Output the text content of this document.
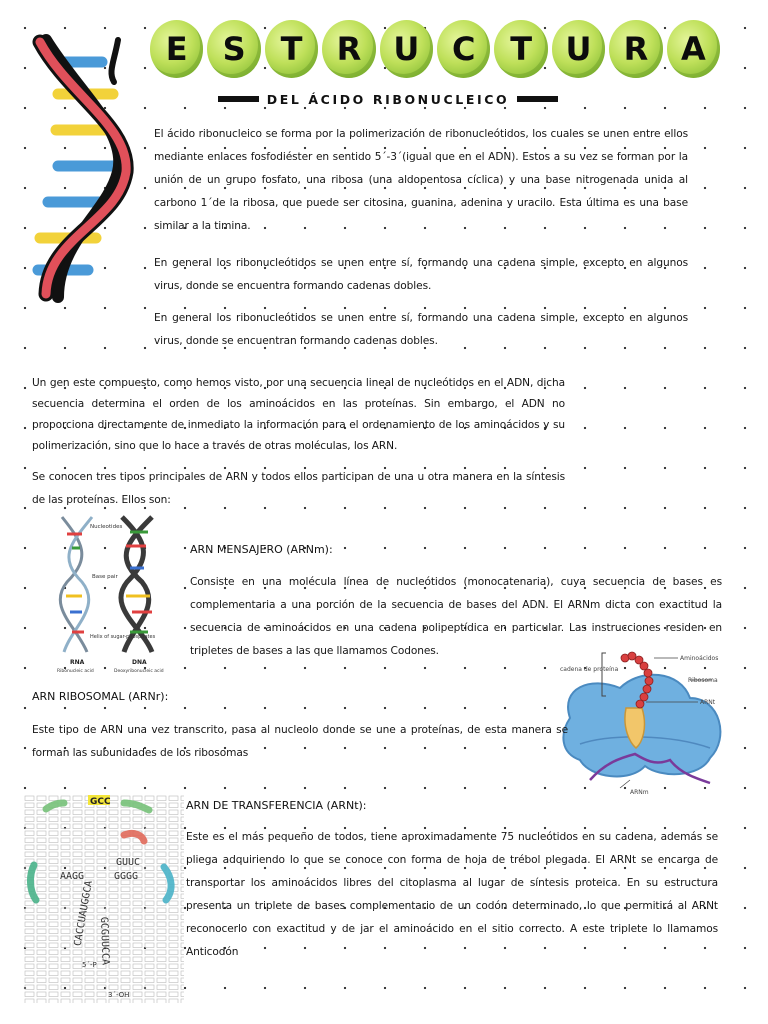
E S T R U C T U R A
DEL ÁCIDO RIBONUCLEICO
El ácido ribonucleico se forma por la polimerización de ribonucleótidos, los cuales se unen entre ellos mediante enlaces fosfodiéster en sentido 5´-3´(igual que en el ADN). Estos a su vez se forman por la unión de un grupo fosfato, una ribosa (una aldopentosa cíclica) y una base nitrogenada unida al carbono 1´de la ribosa, que puede ser citosina, guanina, adenina y uracilo. Esta última es una base similar a la timina.
En general los ribonucleótidos se unen entre sí, formando una cadena simple, excepto en algunos virus, donde se encuentra formando cadenas dobles.
En general los ribonucleótidos se unen entre sí, formando una cadena simple, excepto en algunos virus, donde se encuentran formando cadenas dobles.
Un gen este compuesto, como hemos visto, por una secuencia lineal de nucleótidos en el ADN, dicha secuencia determina el orden de los aminoácidos en las proteínas. Sin embargo, el ADN no proporciona directamente de inmediato la información para el ordenamiento de los aminoácidos y su polimerización, sino que lo hace a través de otras moléculas, los ARN.
Se conocen tres tipos principales de ARN y todos ellos participan de una u otra manera en la síntesis de las proteínas. Ellos son:
Nucleotides
Base pair
Helix of sugar-phosphates
RNA
Ribonucleic acid
DNA
Deoxyribonucleic acid
ARN MENSAJERO (ARNm):
Consiste en una molécula línea de nucleótidos (monocatenaria), cuya secuencia de bases es complementaria a una porción de la secuencia de bases del ADN. El ARNm dicta con exactitud la secuencia de aminoácidos en una cadena polipeptídica en particular. Las instrucciones residen en tripletes de bases a las que llamamos Codones.
cadena de proteína
Aminoácidos
Ribosoma
ARNt
ARNm
ARN RIBOSOMAL (ARNr):
Este tipo de ARN una vez transcrito, pasa al nucleolo donde se une a proteínas, de esta manera se forman las subunidades de los ribosomas
GCC
AAGG
GUUC
GGGG
CACCUAUGGCA GCGUUCCA
5´-P
3´-OH
ARN DE TRANSFERENCIA (ARNt):
Este es el más pequeño de todos, tiene aproximadamente 75 nucleótidos en su cadena, además se pliega adquiriendo lo que se conoce con forma de hoja de trébol plegada. El ARNt se encarga de transportar los aminoácidos libres del citoplasma al lugar de síntesis proteica. En su estructura presenta un triplete de bases complementario de un codón determinado, lo que permitirá al ARNt reconocerlo con exactitud y de jar el aminoácido en el sitio correcto. A este triplete lo llamamos Anticodón
